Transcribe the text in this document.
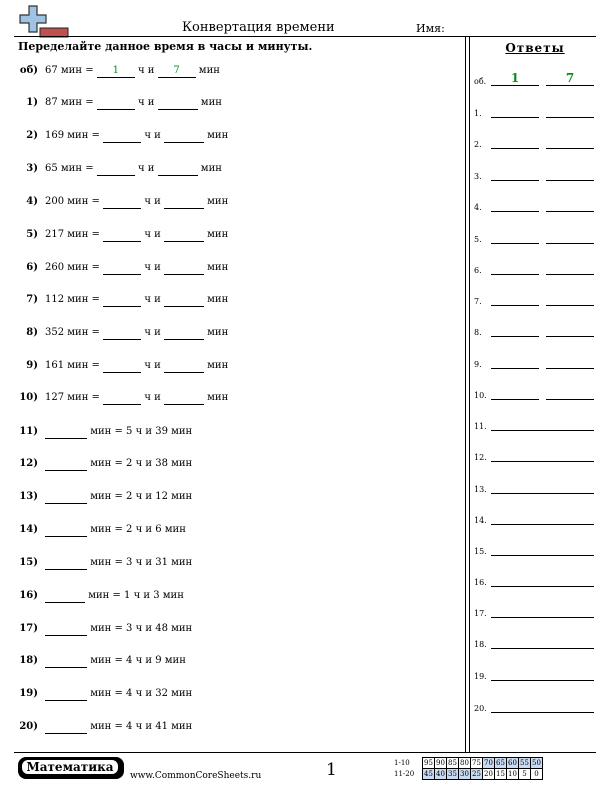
Конвертация времени	Имя:
Переделайте данное время в часы и минуты.
об) 67 мин = 1 ч и 7 мин
1) 87 мин =	ч и	мин
2) 169 мин =	ч и	мин
3) 65 мин =	ч и	мин
4) 200 мин =	ч и	мин
5) 217 мин =	ч и	мин
6) 260 мин =	ч и	мин
7) 112 мин =	ч и	мин
8) 352 мин =	ч и	мин
9) 161 мин =	ч и	мин
10) 127 мин =	ч и	мин
11)	мин = 5 ч и 39 мин
12)	мин = 2 ч и 38 мин
13)	мин = 2 ч и 12 мин
14)	мин = 2 ч и 6 мин
15)	мин = 3 ч и 31 мин
16)	мин = 1 ч и 3 мин
17)	мин = 3 ч и 48 мин
18)	мин = 4 ч и 9 мин
19)	мин = 4 ч и 32 мин
20)	мин = 4 ч и 41 мин
Ответы
об.	1	7
1.
2.
3.
4.
5.
6.
7.
8.
9.
10.
11.
12.
13.
14.
15.
16.
17.
18.
19.
20.
Математика
www.CommonCoreSheets.ru	1	1-10	95	90	85	80	75	70	65	60	55	50
11-20	45	40	35	30	25	20	15	10	5	0
